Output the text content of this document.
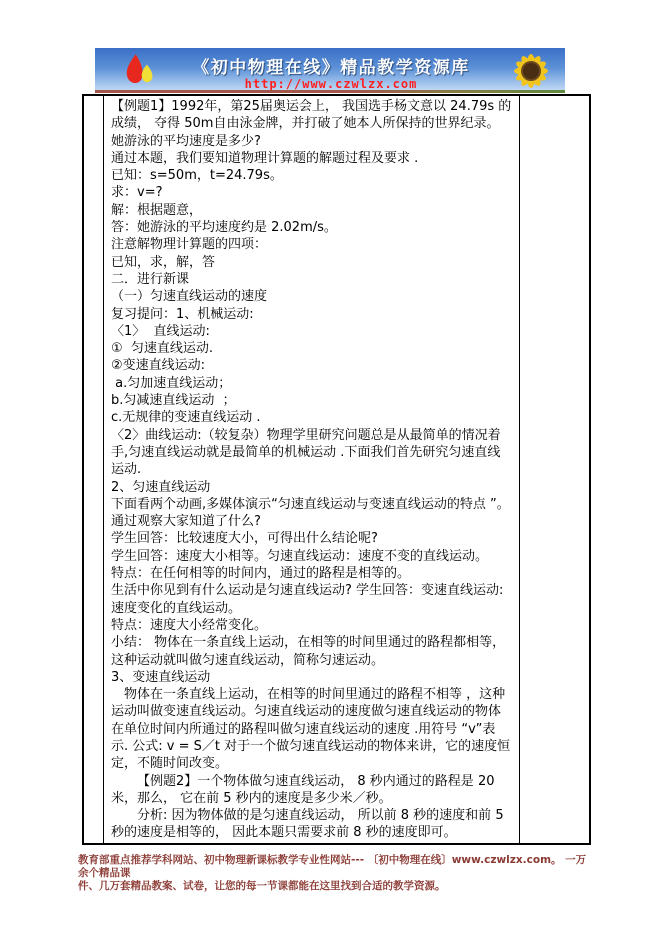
《初中物理在线》精品教学资源库
http://www.czwlzx.com

【例题1】1992年，第25届奥运会上， 我国选手杨文意以 24.79s 的成绩， 夺得 50m自由泳金牌，并打破了她本人所保持的世界纪录。她游泳的平均速度是多少?

通过本题，我们要知道物理计算题的解题过程及要求 .

已知：s=50m，t=24.79s。

求：v=?

解：根据题意，

答：她游泳的平均速度约是 2.02m/s。

注意解物理计算题的四项：

已知，求，解，答

二．进行新课

（一）匀速直线运动的速度

复习提问：1、机械运动:

〈1〉  直线运动:

①  匀速直线运动.

②变速直线运动:

a.匀加速直线运动；

b.匀减速直线运动  ；

c.无规律的变速直线运动 .

〈2〉曲线运动:（较复杂）物理学里研究问题总是从最简单的情况着手,匀速直线运动就是最简单的机械运动 .下面我们首先研究匀速直线运动.

2、匀速直线运动

下面看两个动画,多媒体演示“匀速直线运动与变速直线运动的特点 ”。

通过观察大家知道了什么?

学生回答：比较速度大小，可得出什么结论呢?

学生回答：速度大小相等。匀速直线运动：速度不变的直线运动。

特点：在任何相等的时间内，通过的路程是相等的。

生活中你见到有什么运动是匀速直线运动? 学生回答：变速直线运动: 速度变化的直线运动。

特点：速度大小经常变化。

小结： 物体在一条直线上运动，在相等的时间里通过的路程都相等，这种运动就叫做匀速直线运动，简称匀速运动。

3、变速直线运动

物体在一条直线上运动，在相等的时间里通过的路程不相等 ，这种运动叫做变速直线运动。匀速直线运动的速度做匀速直线运动的物体在单位时间内所通过的路程叫做匀速直线运动的速度 .用符号 “v”表示. 公式: v = S／t 对于一个做匀速直线运动的物体来讲，它的速度恒定，不随时间改变。

【例题2】一个物体做匀速直线运动， 8 秒内通过的路程是 20 米，那么， 它在前 5 秒内的速度是多少米／秒。

分析: 因为物体做的是匀速直线运动， 所以前 8 秒的速度和前 5 秒的速度是相等的， 因此本题只需要求前 8 秒的速度即可。

教育部重点推荐学科网站、初中物理新课标教学专业性网站--- 〔初中物理在线〕www.czwlzx.com。 一万余个精品课
件、几万套精品教案、试卷，让您的每一节课都能在这里找到合适的教学资源。
